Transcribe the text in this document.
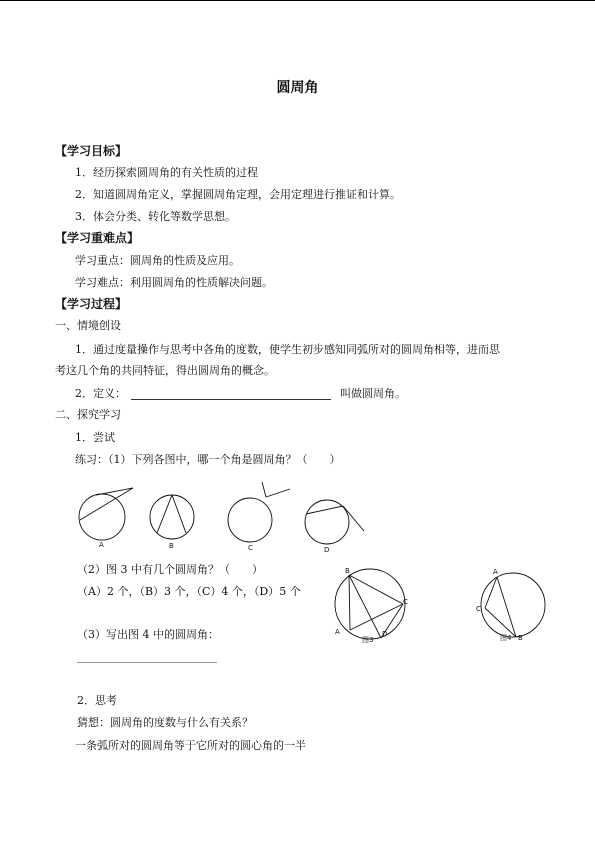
圆周角
【学习目标】
1．经历探索圆周角的有关性质的过程
2．知道圆周角定义，掌握圆周角定理，会用定理进行推证和计算。
3．体会分类、转化等数学思想。
【学习重难点】
学习重点：圆周角的性质及应用。
学习难点：利用圆周角的性质解决问题。
【学习过程】
一、情境创设
1．通过度量操作与思考中各角的度数，使学生初步感知同弧所对的圆周角相等，进而思
考这几个角的共同特征，得出圆周角的概念。
2．定义：	叫做圆周角。
二、探究学习
1．尝试
练习：（1）下列各图中，哪一个角是圆周角？（　　）
（2）图 3 中有几个圆周角？（　　）
（A）2 个，（B）3 个，（C）4 个，（D）5 个
（3）写出图 4 中的圆周角：
2．思考
猜想：圆周角的度数与什么有关系？
一条弧所对的圆周角等于它所对的圆心角的一半
A	B	C	D
B
C
A	D
图3
A
C
B
图4
